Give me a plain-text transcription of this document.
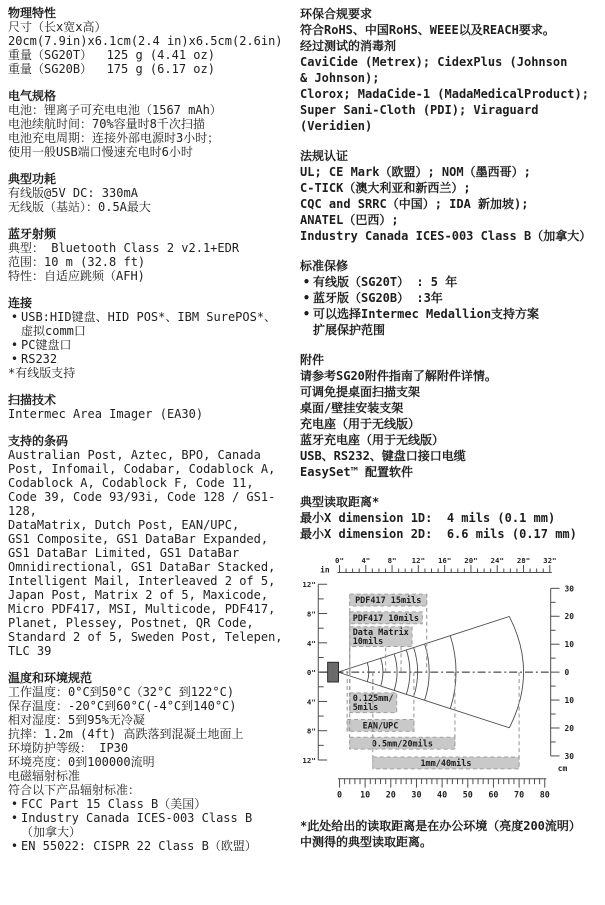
物理特性
尺寸（长x宽x高）
20cm(7.9in)x6.1cm(2.4 in)x6.5cm(2.6in)
重量（SG20T）  125 g (4.41 oz)
重量（SG20B）  175 g (6.17 oz)
电气规格
电池：锂离子可充电电池（1567 mAh）
电池续航时间：70%容量时8千次扫描
电池充电周期：连接外部电源时3小时；
使用一般USB端口慢速充电时6小时
典型功耗
有线版@5V DC: 330mA
无线版（基站）：0.5A最大
蓝牙射频
典型： Bluetooth Class 2 v2.1+EDR
范围：10 m (32.8 ft)
特性：自适应跳频（AFH)
连接
• USB:HID键盘、HID POS*、IBM SurePOS*、
虚拟comm口
• PC键盘口
• RS232
*有线版支持
扫描技术
Intermec Area Imager (EA30)
支持的条码
Australian Post, Aztec, BPO, Canada
Post, Infomail, Codabar, Codablock A,
Codablock A, Codablock F, Code 11,
Code 39, Code 93/93i, Code 128 / GS1-128,
DataMatrix, Dutch Post, EAN/UPC,
GS1 Composite, GS1 DataBar Expanded,
GS1 DataBar Limited, GS1 DataBar
Omnidirectional, GS1 DataBar Stacked,
Intelligent Mail, Interleaved 2 of 5,
Japan Post, Matrix 2 of 5, Maxicode,
Micro PDF417, MSI, Multicode, PDF417,
Planet, Plessey, Postnet, QR Code,
Standard 2 of 5, Sweden Post, Telepen,
TLC 39
温度和环境规范
工作温度：0°C到50°C（32°C 到122°C)
保存温度：-20°C到60°C(-4°C到140°C)
相对湿度：5到95%无冷凝
抗摔：1.2m (4ft) 高跌落到混凝土地面上
环境防护等级： IP30
环境亮度：0到100000流明
电磁辐射标准
符合以下产品辐射标准：
• FCC Part 15 Class B（美国）
• Industry Canada ICES-003 Class B
（加拿大）
• EN 55022: CISPR 22 Class B（欧盟）
环保合规要求
符合RoHS、中国RoHS、WEEE以及REACH要求。
经过测试的消毒剂
CaviCide (Metrex); CidexPlus (Johnson
& Johnson);
Clorox; MadaCide-1 (MadaMedicalProduct);
Super Sani-Cloth (PDI); Viraguard
(Veridien)
法规认证
UL; CE Mark（欧盟）; NOM（墨西哥）;
C-TICK（澳大利亚和新西兰）;
CQC and SRRC（中国）; IDA 新加坡);
ANATEL（巴西）;
Industry Canada ICES-003 Class B（加拿大）
标准保修
• 有线版（SG20T） : 5 年
• 蓝牙版（SG20B） :3年
• 可以选择Intermec Medallion支持方案
扩展保护范围
附件
请参考SG20附件指南了解附件详情。
可调免提桌面扫描支架
桌面/壁挂安装支架
充电座（用于无线版）
蓝牙充电座（用于无线版）
USB、RS232、键盘口接口电缆
EasySet™ 配置软件
典型读取距离*
最小X dimension 1D:  4 mils (0.1 mm)
最小X dimension 2D:  6.6 mils (0.17 mm)
0" 4" 8" 12" 16" 20" 24" 28" 32"
in
12"
8"
4"
0"
4"
8"
12"
30
20
10
0
10
20
30
0 10 20 30 40 50 60 70 80
cm
PDF417 15mils
PDF417 10mils
Data Matrix
10mils
0.125mm/
5mils
EAN/UPC
0.5mm/20mils
1mm/40mils
*此处给出的读取距离是在办公环境（亮度200流明）
中测得的典型读取距离。
